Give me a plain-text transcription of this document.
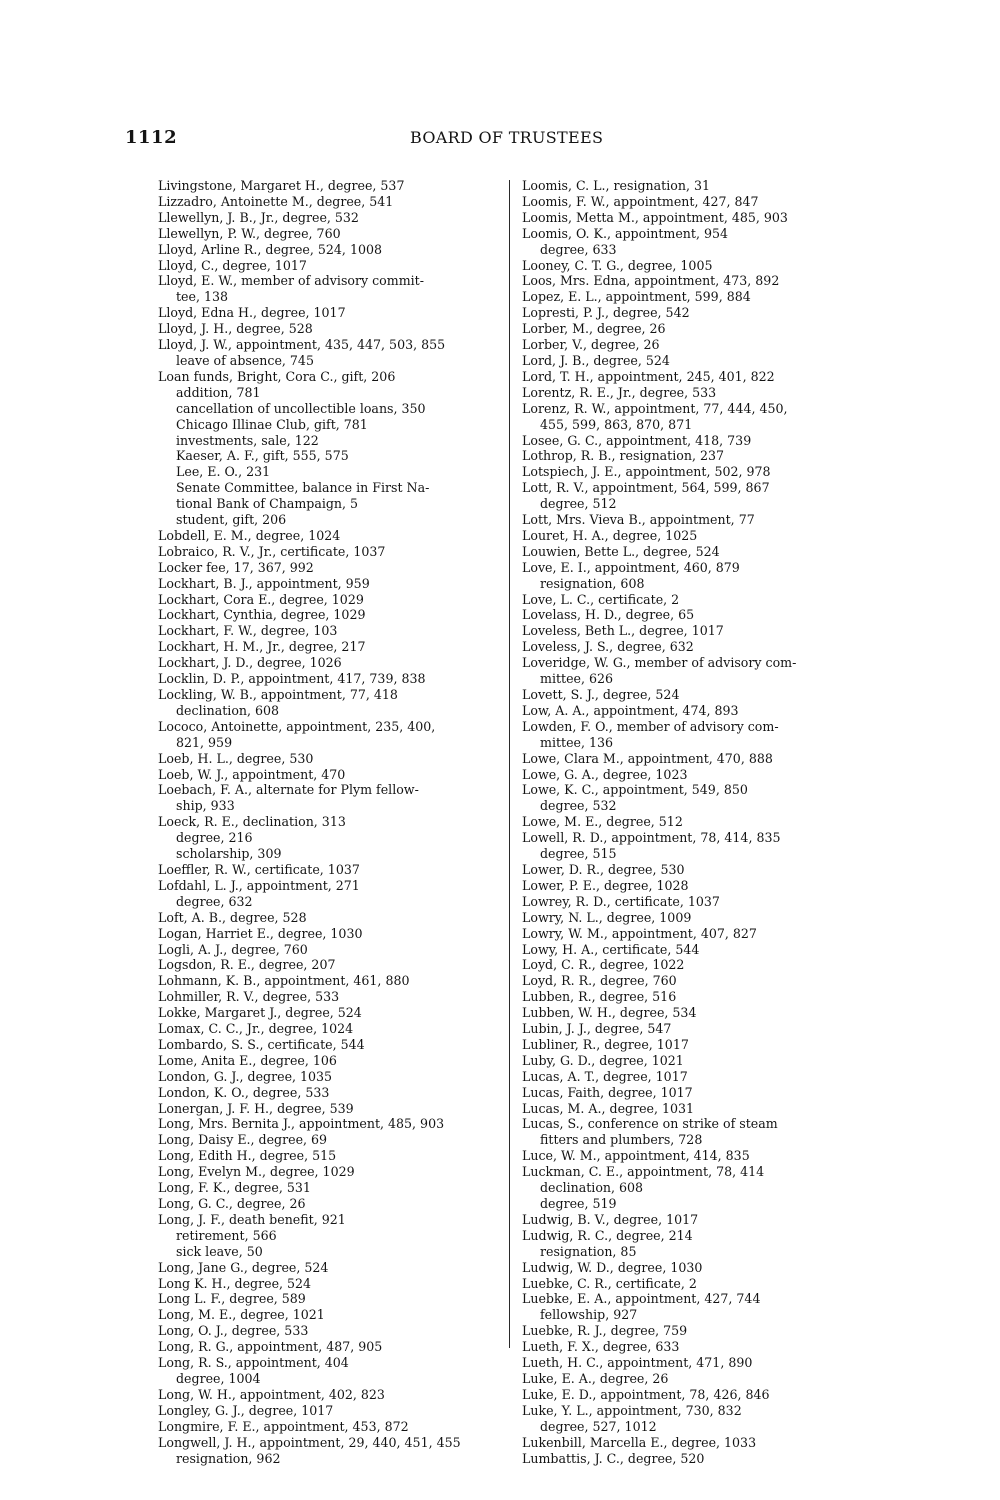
1112	BOARD OF TRUSTEES
Livingstone, Margaret H., degree, 537
Lizzadro, Antoinette M., degree, 541
Llewellyn, J. B., Jr., degree, 532
Llewellyn, P. W., degree, 760
Lloyd, Arline R., degree, 524, 1008
Lloyd, C., degree, 1017
Lloyd, E. W., member of advisory commit-
tee, 138
Lloyd, Edna H., degree, 1017
Lloyd, J. H., degree, 528
Lloyd, J. W., appointment, 435, 447, 503, 855
leave of absence, 745
Loan funds, Bright, Cora C., gift, 206
addition, 781
cancellation of uncollectible loans, 350
Chicago Illinae Club, gift, 781
investments, sale, 122
Kaeser, A. F., gift, 555, 575
Lee, E. O., 231
Senate Committee, balance in First Na-
tional Bank of Champaign, 5
student, gift, 206
Lobdell, E. M., degree, 1024
Lobraico, R. V., Jr., certificate, 1037
Locker fee, 17, 367, 992
Lockhart, B. J., appointment, 959
Lockhart, Cora E., degree, 1029
Lockhart, Cynthia, degree, 1029
Lockhart, F. W., degree, 103
Lockhart, H. M., Jr., degree, 217
Lockhart, J. D., degree, 1026
Locklin, D. P., appointment, 417, 739, 838
Lockling, W. B., appointment, 77, 418
declination, 608
Lococo, Antoinette, appointment, 235, 400,
821, 959
Loeb, H. L., degree, 530
Loeb, W. J., appointment, 470
Loebach, F. A., alternate for Plym fellow-
ship, 933
Loeck, R. E., declination, 313
degree, 216
scholarship, 309
Loeffler, R. W., certificate, 1037
Lofdahl, L. J., appointment, 271
degree, 632
Loft, A. B., degree, 528
Logan, Harriet E., degree, 1030
Logli, A. J., degree, 760
Logsdon, R. E., degree, 207
Lohmann, K. B., appointment, 461, 880
Lohmiller, R. V., degree, 533
Lokke, Margaret J., degree, 524
Lomax, C. C., Jr., degree, 1024
Lombardo, S. S., certificate, 544
Lome, Anita E., degree, 106
London, G. J., degree, 1035
London, K. O., degree, 533
Lonergan, J. F. H., degree, 539
Long, Mrs. Bernita J., appointment, 485, 903
Long, Daisy E., degree, 69
Long, Edith H., degree, 515
Long, Evelyn M., degree, 1029
Long, F. K., degree, 531
Long, G. C., degree, 26
Long, J. F., death benefit, 921
retirement, 566
sick leave, 50
Long, Jane G., degree, 524
Long K. H., degree, 524
Long L. F., degree, 589
Long, M. E., degree, 1021
Long, O. J., degree, 533
Long, R. G., appointment, 487, 905
Long, R. S., appointment, 404
degree, 1004
Long, W. H., appointment, 402, 823
Longley, G. J., degree, 1017
Longmire, F. E., appointment, 453, 872
Longwell, J. H., appointment, 29, 440, 451, 455
resignation, 962
Loomis, C. L., resignation, 31
Loomis, F. W., appointment, 427, 847
Loomis, Metta M., appointment, 485, 903
Loomis, O. K., appointment, 954
degree, 633
Looney, C. T. G., degree, 1005
Loos, Mrs. Edna, appointment, 473, 892
Lopez, E. L., appointment, 599, 884
Lopresti, P. J., degree, 542
Lorber, M., degree, 26
Lorber, V., degree, 26
Lord, J. B., degree, 524
Lord, T. H., appointment, 245, 401, 822
Lorentz, R. E., Jr., degree, 533
Lorenz, R. W., appointment, 77, 444, 450,
455, 599, 863, 870, 871
Losee, G. C., appointment, 418, 739
Lothrop, R. B., resignation, 237
Lotspiech, J. E., appointment, 502, 978
Lott, R. V., appointment, 564, 599, 867
degree, 512
Lott, Mrs. Vieva B., appointment, 77
Louret, H. A., degree, 1025
Louwien, Bette L., degree, 524
Love, E. I., appointment, 460, 879
resignation, 608
Love, L. C., certificate, 2
Lovelass, H. D., degree, 65
Loveless, Beth L., degree, 1017
Loveless, J. S., degree, 632
Loveridge, W. G., member of advisory com-
mittee, 626
Lovett, S. J., degree, 524
Low, A. A., appointment, 474, 893
Lowden, F. O., member of advisory com-
mittee, 136
Lowe, Clara M., appointment, 470, 888
Lowe, G. A., degree, 1023
Lowe, K. C., appointment, 549, 850
degree, 532
Lowe, M. E., degree, 512
Lowell, R. D., appointment, 78, 414, 835
degree, 515
Lower, D. R., degree, 530
Lower, P. E., degree, 1028
Lowrey, R. D., certificate, 1037
Lowry, N. L., degree, 1009
Lowry, W. M., appointment, 407, 827
Lowy, H. A., certificate, 544
Loyd, C. R., degree, 1022
Loyd, R. R., degree, 760
Lubben, R., degree, 516
Lubben, W. H., degree, 534
Lubin, J. J., degree, 547
Lubliner, R., degree, 1017
Luby, G. D., degree, 1021
Lucas, A. T., degree, 1017
Lucas, Faith, degree, 1017
Lucas, M. A., degree, 1031
Lucas, S., conference on strike of steam
fitters and plumbers, 728
Luce, W. M., appointment, 414, 835
Luckman, C. E., appointment, 78, 414
declination, 608
degree, 519
Ludwig, B. V., degree, 1017
Ludwig, R. C., degree, 214
resignation, 85
Ludwig, W. D., degree, 1030
Luebke, C. R., certificate, 2
Luebke, E. A., appointment, 427, 744
fellowship, 927
Luebke, R. J., degree, 759
Lueth, F. X., degree, 633
Lueth, H. C., appointment, 471, 890
Luke, E. A., degree, 26
Luke, E. D., appointment, 78, 426, 846
Luke, Y. L., appointment, 730, 832
degree, 527, 1012
Lukenbill, Marcella E., degree, 1033
Lumbattis, J. C., degree, 520
